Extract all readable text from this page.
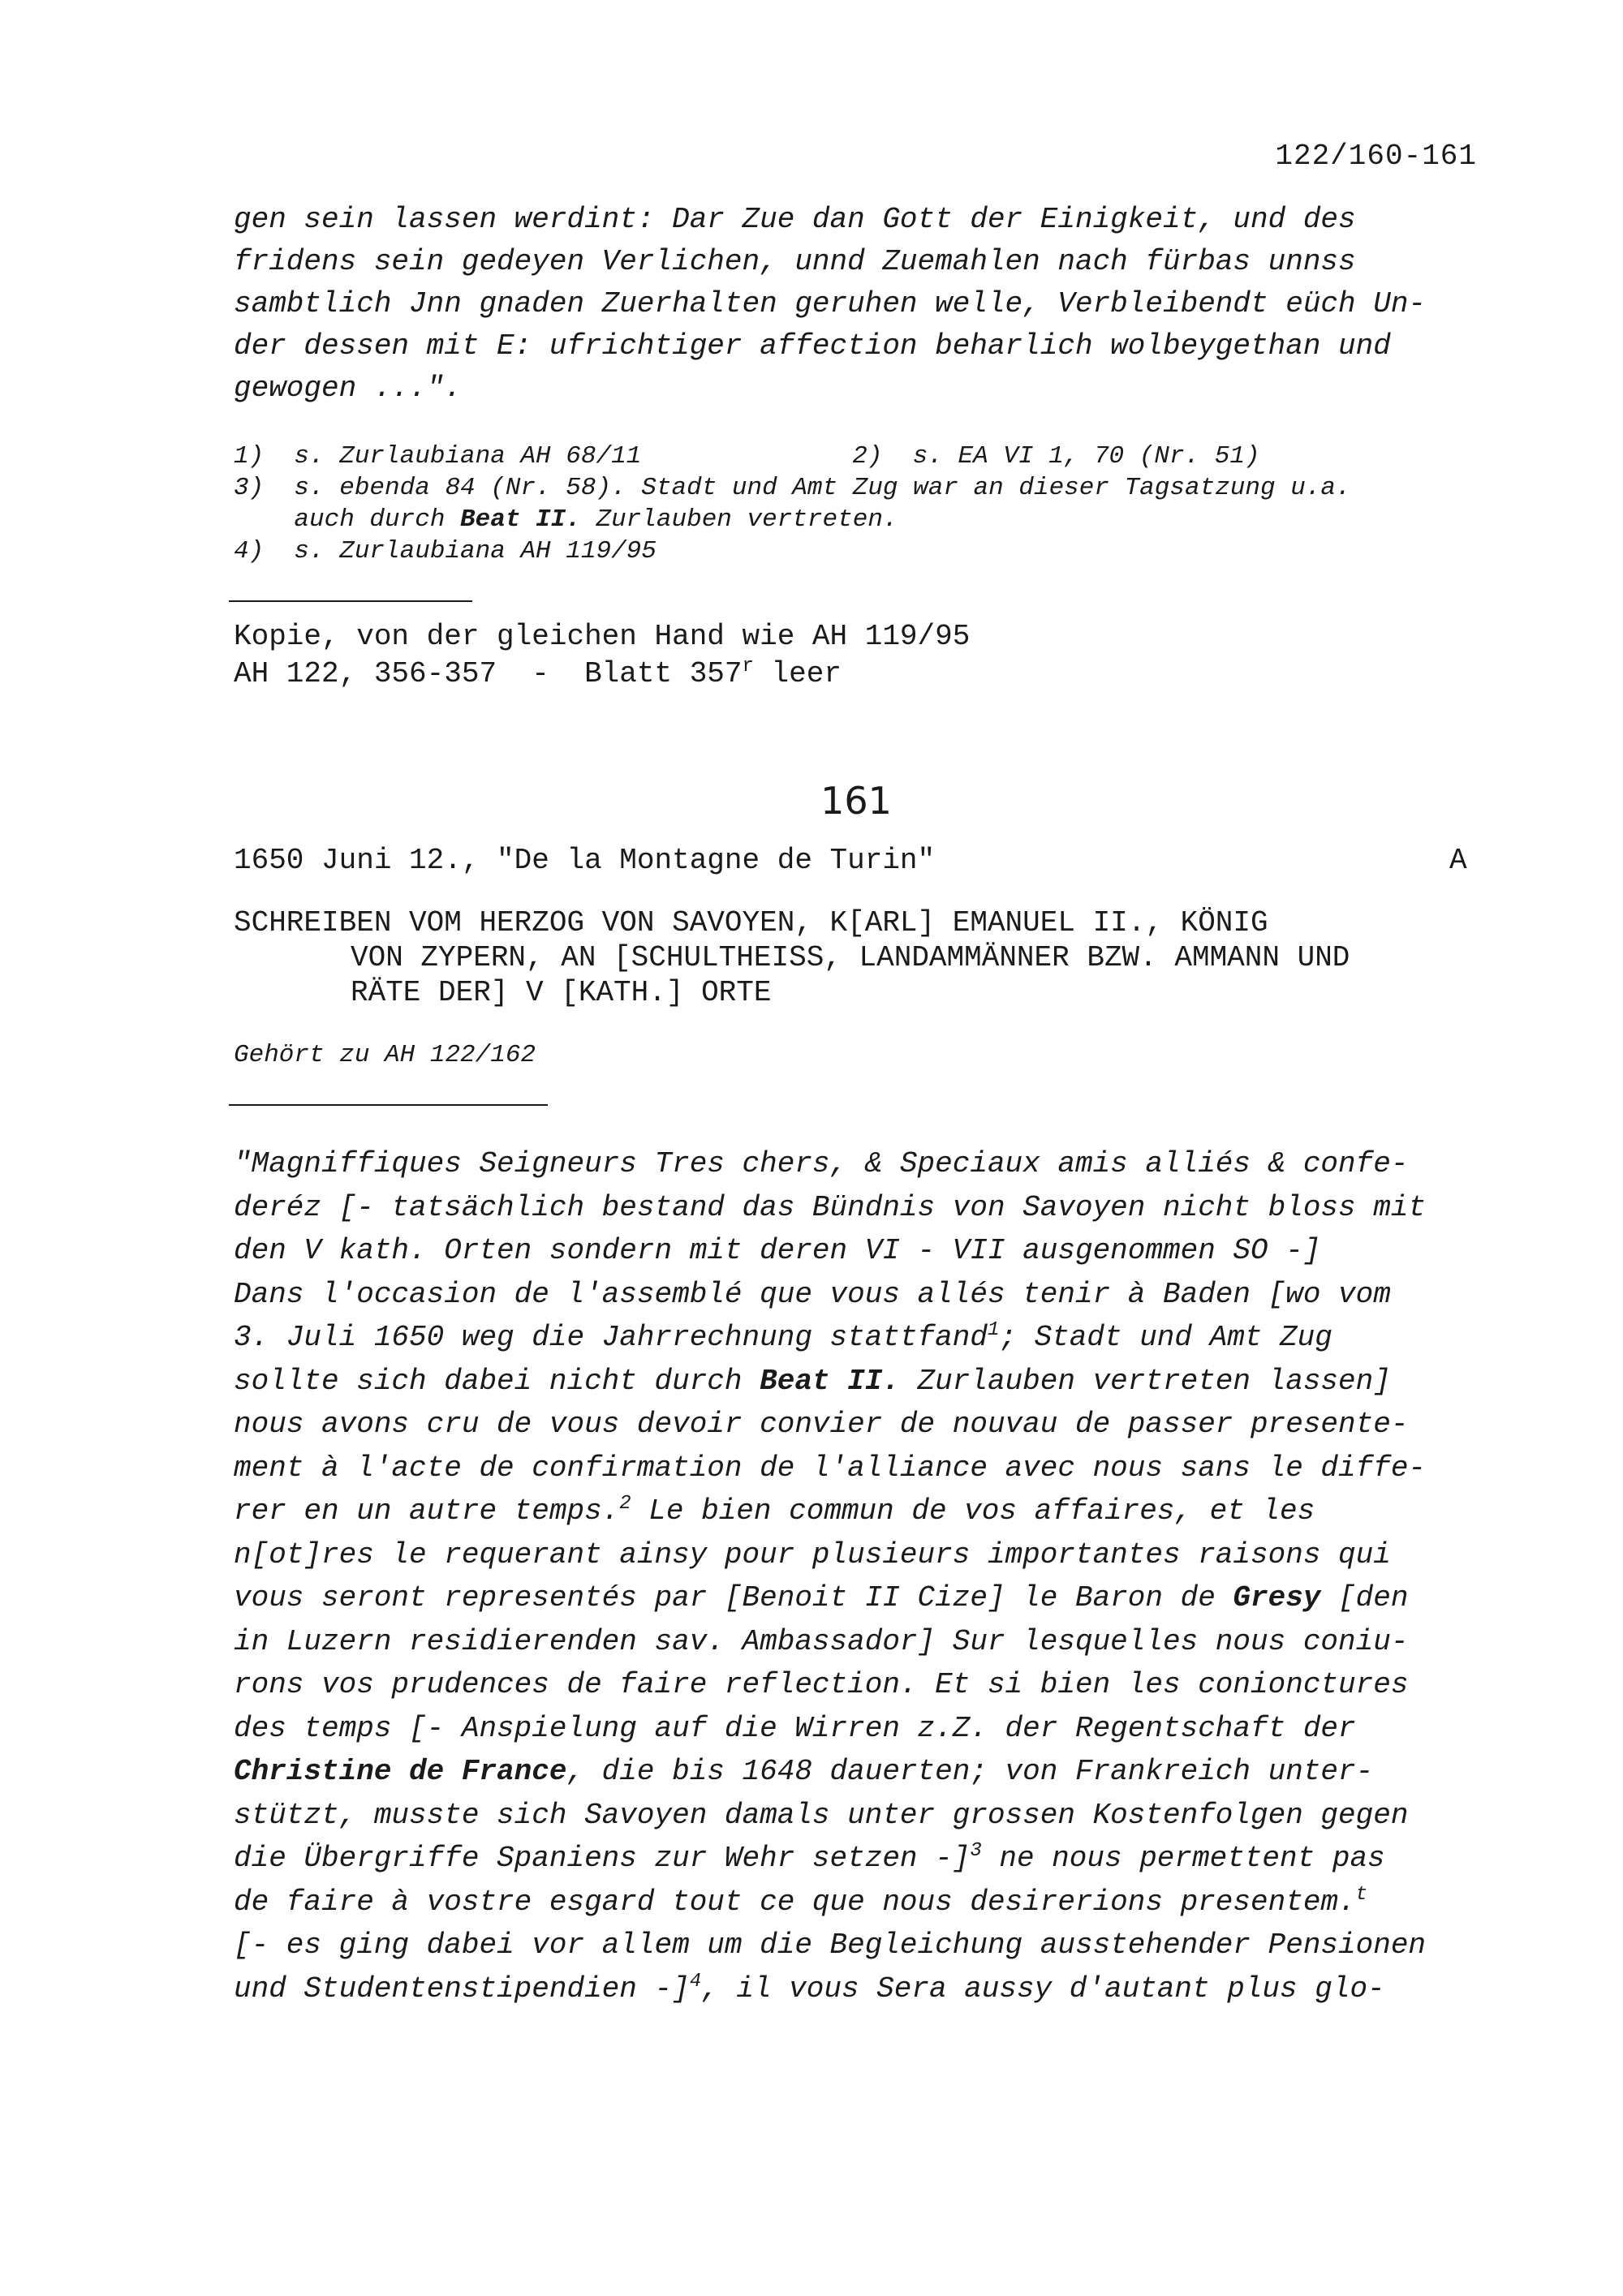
122/160-161
gen sein lassen werdint: Dar Zue dan Gott der Einigkeit, und des
fridens sein gedeyen Verlichen, unnd Zuemahlen nach fürbas unnss
sambtlich Jnn gnaden Zuerhalten geruhen welle, Verbleibendt eüch Un-
der dessen mit E: ufrichtiger affection beharlich wolbeygethan und
gewogen ...".
1)  s. Zurlaubiana AH 68/11	2)  s. EA VI 1, 70 (Nr. 51)
3)  s. ebenda 84 (Nr. 58). Stadt und Amt Zug war an dieser Tagsatzung u.a.
auch durch Beat II. Zurlauben vertreten.
4)  s. Zurlaubiana AH 119/95
Kopie, von der gleichen Hand wie AH 119/95
AH 122, 356-357  -  Blatt 357$^r$ leer
161
1650 Juni 12., "De la Montagne de Turin"	A
SCHREIBEN VOM HERZOG VON SAVOYEN, K[ARL] EMANUEL II., KÖNIG
VON ZYPERN, AN [SCHULTHEISS, LANDAMMÄNNER BZW. AMMANN UND
RÄTE DER] V [KATH.] ORTE
Gehört zu AH 122/162
"Magniffiques Seigneurs Tres chers, & Speciaux amis alliés & confe-
deréz [- tatsächlich bestand das Bündnis von Savoyen nicht bloss mit
den V kath. Orten sondern mit deren VI - VII ausgenommen SO -]
Dans l'occasion de l'assemblé que vous allés tenir à Baden [wo vom
3. Juli 1650 weg die Jahrrechnung stattfand$^1$; Stadt und Amt Zug
sollte sich dabei nicht durch Beat II. Zurlauben vertreten lassen]
nous avons cru de vous devoir convier de nouvau de passer presente-
ment à l'acte de confirmation de l'alliance avec nous sans le diffe-
rer en un autre temps.$^2$ Le bien commun de vos affaires, et les
n[ot]res le requerant ainsy pour plusieurs importantes raisons qui
vous seront representés par [Benoit II Cize] le Baron de Gresy [den
in Luzern residierenden sav. Ambassador] Sur lesquelles nous coniu-
rons vos prudences de faire reflection. Et si bien les conionctures
des temps [- Anspielung auf die Wirren z.Z. der Regentschaft der
Christine de France, die bis 1648 dauerten; von Frankreich unter-
stützt, musste sich Savoyen damals unter grossen Kostenfolgen gegen
die Übergriffe Spaniens zur Wehr setzen -]$^3$ ne nous permettent pas
de faire à vostre esgard tout ce que nous desirerions presentem.$^t$
[- es ging dabei vor allem um die Begleichung ausstehender Pensionen
und Studentenstipendien -]$^4$, il vous Sera aussy d'autant plus glo-
